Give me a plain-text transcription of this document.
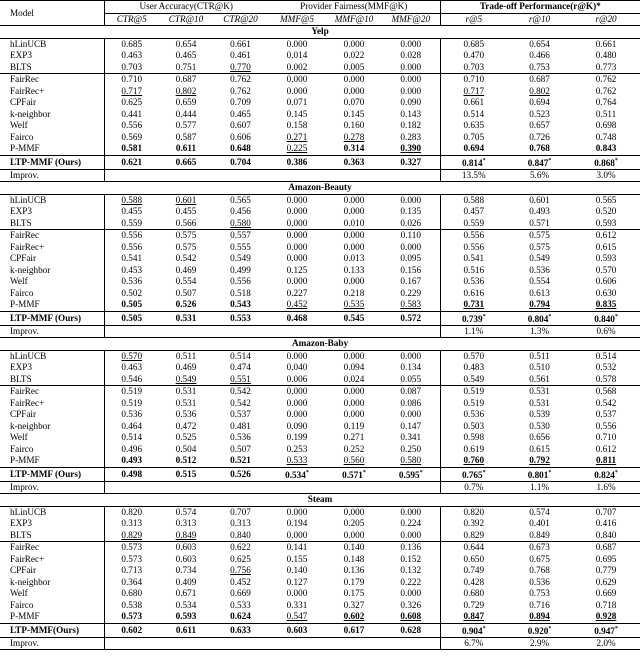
Model	User Accuracy(CTR@K)			Provider Fairness(MMF@K)			Trade-off Performance(r@K)*		
	CTR@5	CTR@10	CTR@20	MMF@5	MMF@10	MMF@20	r@5	r@10	r@20
Yelp									
hLinUCB	0.685	0.654	0.661	0.000	0.000	0.000	0.685	0.654	0.661
EXP3	0.463	0.465	0.461	0.014	0.022	0.028	0.470	0.466	0.480
BLTS	0.703	0.751	0.770	0.002	0.005	0.000	0.703	0.753	0.773
FairRec	0.710	0.687	0.762	0.000	0.000	0.000	0.710	0.687	0.762
FairRec+	0.717	0.802	0.762	0.000	0.000	0.000	0.717	0.802	0.762
CPFair	0.625	0.659	0.709	0.071	0.070	0.090	0.661	0.694	0.764
k-neighbor	0.441	0.444	0.465	0.145	0.145	0.143	0.514	0.523	0.511
Welf	0.556	0.577	0.607	0.158	0.160	0.182	0.635	0.657	0.698
Fairco	0.569	0.587	0.606	0.271	0.278	0.283	0.705	0.726	0.748
P-MMF	0.581	0.611	0.648	0.225	0.314	0.390	0.694	0.768	0.843
LTP-MMF (Ours)	0.621	0.665	0.704	0.386	0.363	0.327	0.814*	0.847*	0.868*
Improv.							13.5%	5.6%	3.0%
Amazon-Beauty									
hLinUCB	0.588	0.601	0.565	0.000	0.000	0.000	0.588	0.601	0.565
EXP3	0.455	0.455	0.456	0.000	0.000	0.135	0.457	0.493	0.520
BLTS	0.559	0.566	0.580	0.000	0.010	0.026	0.559	0.571	0.593
FairRec	0.556	0.575	0.557	0.000	0.000	0.110	0.556	0.575	0.612
FairRec+	0.556	0.575	0.555	0.000	0.000	0.000	0.556	0.575	0.615
CPFair	0.541	0.542	0.549	0.000	0.013	0.095	0.541	0.549	0.593
k-neighbor	0.453	0.469	0.499	0.125	0.133	0.156	0.516	0.536	0.570
Welf	0.536	0.554	0.556	0.000	0.000	0.167	0.536	0.554	0.606
Fairco	0.502	0.507	0.518	0.227	0.218	0.229	0.616	0.613	0.630
P-MMF	0.505	0.526	0.543	0.452	0.535	0.583	0.731	0.794	0.835
LTP-MMF (Ours)	0.505	0.531	0.553	0.468	0.545	0.572	0.739*	0.804*	0.840*
Improv.							1.1%	1.3%	0.6%
Amazon-Baby									
hLinUCB	0.570	0.511	0.514	0.000	0.000	0.000	0.570	0.511	0.514
EXP3	0.463	0.469	0.474	0.040	0.094	0.134	0.483	0.510	0.532
BLTS	0.546	0.549	0.551	0.006	0.024	0.055	0.549	0.561	0.578
FairRec	0.519	0.531	0.542	0.000	0.000	0.087	0.519	0.531	0.568
FairRec+	0.519	0.531	0.542	0.000	0.000	0.086	0.519	0.531	0.542
CPFair	0.536	0.536	0.537	0.000	0.000	0.000	0.536	0.539	0.537
k-neighbor	0.464	0.472	0.481	0.090	0.119	0.147	0.503	0.530	0.556
Welf	0.514	0.525	0.536	0.199	0.271	0.341	0.598	0.656	0.710
Fairco	0.496	0.504	0.507	0.253	0.252	0.250	0.619	0.615	0.612
P-MMF	0.493	0.512	0.521	0.533	0.560	0.580	0.760	0.792	0.811
LTP-MMF (Ours)	0.498	0.515	0.526	0.534*	0.571*	0.595*	0.765*	0.801*	0.824*
Improv.							0.7%	1.1%	1.6%
Steam									
hLinUCB	0.820	0.574	0.707	0.000	0.000	0.000	0.820	0.574	0.707
EXP3	0.313	0.313	0.313	0.194	0.205	0.224	0.392	0.401	0.416
BLTS	0.829	0.849	0.840	0.000	0.000	0.000	0.829	0.849	0.840
FairRec	0.573	0.603	0.622	0.141	0.140	0.136	0.644	0.673	0.687
FairRec+	0.573	0.603	0.625	0.155	0.148	0.152	0.650	0.675	0.695
CPFair	0.713	0.734	0.756	0.140	0.136	0.132	0.749	0.768	0.779
k-neighbor	0.364	0.409	0.452	0.127	0.179	0.222	0.428	0.536	0.629
Welf	0.680	0.671	0.669	0.000	0.175	0.000	0.680	0.753	0.669
Fairco	0.538	0.534	0.533	0.331	0.327	0.326	0.729	0.716	0.718
P-MMF	0.573	0.593	0.624	0.547	0.602	0.608	0.847	0.894	0.928
LTP-MMF(Ours)	0.602	0.611	0.633	0.603	0.617	0.628	0.904*	0.920*	0.947*
Improv.							6.7%	2.9%	2.0%
